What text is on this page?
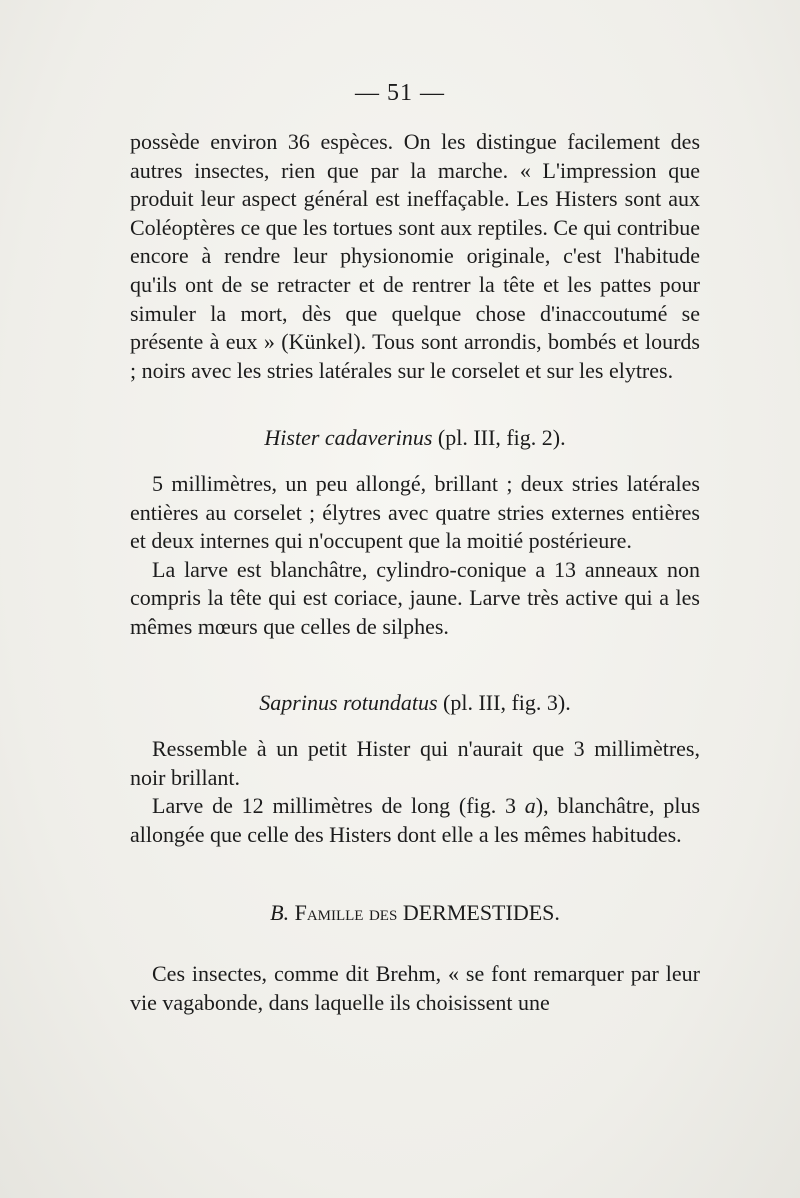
— 51 —

possède environ 36 espèces. On les distingue facilement des autres insectes, rien que par la marche. « L'impression que produit leur aspect général est ineffaçable. Les Histers sont aux Coléoptères ce que les tortues sont aux reptiles. Ce qui contribue encore à rendre leur physionomie originale, c'est l'habitude qu'ils ont de se retracter et de rentrer la tête et les pattes pour simuler la mort, dès que quelque chose d'inaccoutumé se présente à eux » (Künkel). Tous sont arrondis, bombés et lourds ; noirs avec les stries latérales sur le corselet et sur les elytres.

Hister cadaverinus (pl. III, fig. 2).

5 millimètres, un peu allongé, brillant ; deux stries latérales entières au corselet ; élytres avec quatre stries externes entières et deux internes qui n'occupent que la moitié postérieure.

La larve est blanchâtre, cylindro-conique a 13 anneaux non compris la tête qui est coriace, jaune. Larve très active qui a les mêmes mœurs que celles de silphes.

Saprinus rotundatus (pl. III, fig. 3).

Ressemble à un petit Hister qui n'aurait que 3 millimètres, noir brillant.

Larve de 12 millimètres de long (fig. 3 a), blanchâtre, plus allongée que celle des Histers dont elle a les mêmes habitudes.

B. Famille des DERMESTIDES.

Ces insectes, comme dit Brehm, « se font remarquer par leur vie vagabonde, dans laquelle ils choisissent une
